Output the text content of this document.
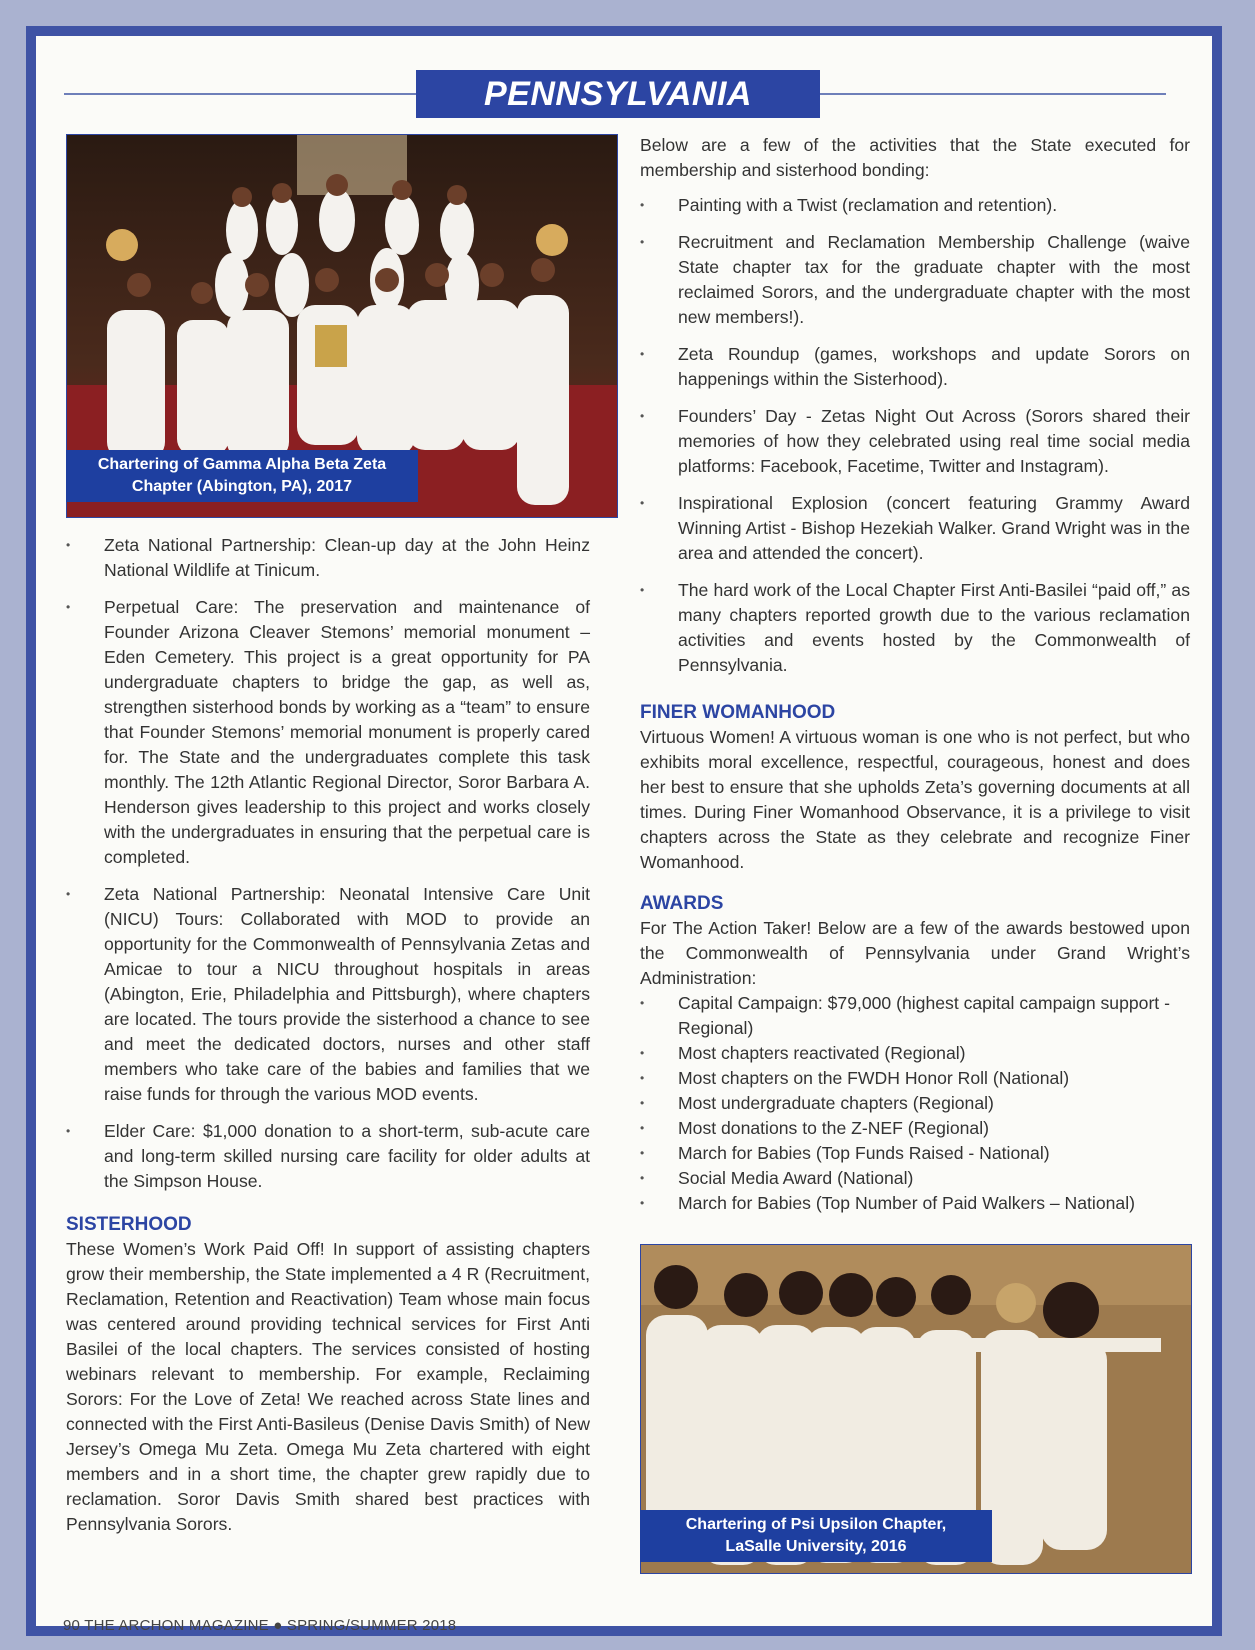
PENNSYLVANIA
Chartering of Gamma Alpha Beta Zeta
Chapter (Abington, PA), 2017
• Zeta National Partnership: Clean-up day at the John Heinz National Wildlife at Tinicum.
• Perpetual Care: The preservation and maintenance of Founder Arizona Cleaver Stemons’ memorial monument – Eden Cemetery. This project is a great opportunity for PA undergraduate chapters to bridge the gap, as well as, strengthen sisterhood bonds by working as a “team” to ensure that Founder Stemons’ memorial monument is properly cared for. The State and the undergraduates complete this task monthly. The 12th Atlantic Regional Director, Soror Barbara A. Henderson gives leadership to this project and works closely with the undergraduates in ensuring that the perpetual care is completed.
• Zeta National Partnership: Neonatal Intensive Care Unit (NICU) Tours: Collaborated with MOD to provide an opportunity for the Commonwealth of Pennsylvania Zetas and Amicae to tour a NICU throughout hospitals in areas (Abington, Erie, Philadelphia and Pittsburgh), where chapters are located. The tours provide the sisterhood a chance to see and meet the dedicated doctors, nurses and other staff members who take care of the babies and families that we raise funds for through the various MOD events.
• Elder Care: $1,000 donation to a short-term, sub-acute care and long-term skilled nursing care facility for older adults at the Simpson House.
SISTERHOOD

These Women’s Work Paid Off! In support of assisting chapters grow their membership, the State implemented a 4 R (Recruitment, Reclamation, Retention and Reactivation) Team whose main focus was centered around providing technical services for First Anti Basilei of the local chapters. The services consisted of hosting webinars relevant to membership. For example, Reclaiming Sorors: For the Love of Zeta! We reached across State lines and connected with the First Anti-Basileus (Denise Davis Smith) of New Jersey’s Omega Mu Zeta. Omega Mu Zeta chartered with eight members and in a short time, the chapter grew rapidly due to reclamation. Soror Davis Smith shared best practices with Pennsylvania Sorors.

Below are a few of the activities that the State executed for membership and sisterhood bonding:

• Painting with a Twist (reclamation and retention).
• Recruitment and Reclamation Membership Challenge (waive State chapter tax for the graduate chapter with the most reclaimed Sorors, and the undergraduate chapter with the most new members!).
• Zeta Roundup (games, workshops and update Sorors on happenings within the Sisterhood).
• Founders’ Day - Zetas Night Out Across (Sorors shared their memories of how they celebrated using real time social media platforms: Facebook, Facetime, Twitter and Instagram).
• Inspirational Explosion (concert featuring Grammy Award Winning Artist - Bishop Hezekiah Walker. Grand Wright was in the area and attended the concert).
• The hard work of the Local Chapter First Anti-Basilei “paid off,” as many chapters reported growth due to the various reclamation activities and events hosted by the Commonwealth of Pennsylvania.
FINER WOMANHOOD

Virtuous Women! A virtuous woman is one who is not perfect, but who exhibits moral excellence, respectful, courageous, honest and does her best to ensure that she upholds Zeta’s governing documents at all times. During Finer Womanhood Observance, it is a privilege to visit chapters across the State as they celebrate and recognize Finer Womanhood.

AWARDS

For The Action Taker! Below are a few of the awards bestowed upon the Commonwealth of Pennsylvania under Grand Wright’s Administration:

• Capital Campaign: $79,000 (highest capital campaign support - Regional)
• Most chapters reactivated (Regional)
• Most chapters on the FWDH Honor Roll (National)
• Most undergraduate chapters (Regional)
• Most donations to the Z-NEF (Regional)
• March for Babies (Top Funds Raised - National)
• Social Media Award (National)
• March for Babies (Top Number of Paid Walkers – National)
Chartering of Psi Upsilon Chapter,
LaSalle University, 2016
90 THE ARCHON MAGAZINE ● SPRING/SUMMER 2018
